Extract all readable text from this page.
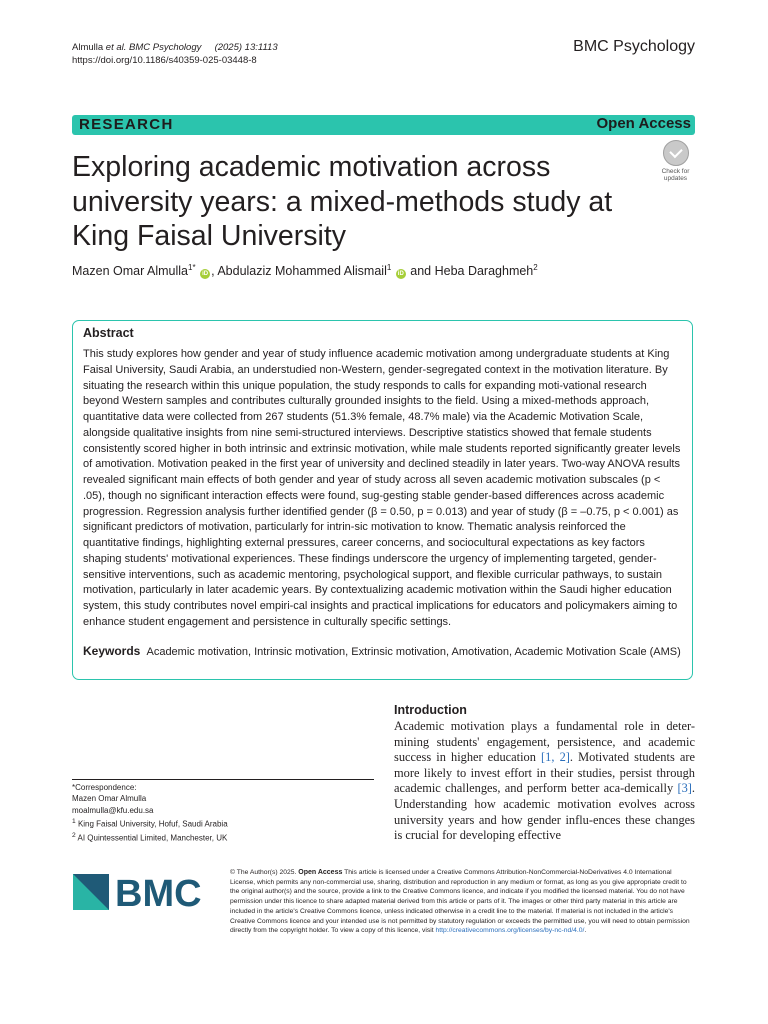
Almulla et al. BMC Psychology (2025) 13:1113
https://doi.org/10.1186/s40359-025-03448-8
BMC Psychology
RESEARCH	Open Access
Exploring academic motivation across university years: a mixed-methods study at King Faisal University
Check for
updates
Mazen Omar Almulla$^{1*}$ iD , Abdulaziz Mohammed Alismail$^1$ iD and Heba Daraghmeh$^2$
Abstract

This study explores how gender and year of study influence academic motivation among undergraduate students at King Faisal University, Saudi Arabia, an understudied non-Western, gender-segregated context in the motivation literature. By situating the research within this unique population, the study responds to calls for expanding moti-vational research beyond Western samples and contributes culturally grounded insights to the field. Using a mixed-methods approach, quantitative data were collected from 267 students (51.3% female, 48.7% male) via the Academic Motivation Scale, alongside qualitative insights from nine semi-structured interviews. Descriptive statistics showed that female students consistently scored higher in both intrinsic and extrinsic motivation, while male students reported significantly greater levels of amotivation. Motivation peaked in the first year of university and declined steadily in later years. Two-way ANOVA results revealed significant main effects of both gender and year of study across all seven academic motivation subscales (p < .05), though no significant interaction effects were found, sug-gesting stable gender-based differences across academic progression. Regression analysis further identified gender (β = 0.50, p = 0.013) and year of study (β = –0.75, p < 0.001) as significant predictors of motivation, particularly for intrin-sic motivation to know. Thematic analysis reinforced the quantitative findings, highlighting external pressures, career concerns, and sociocultural expectations as key factors shaping students' motivational experiences. These findings underscore the urgency of implementing targeted, gender-sensitive interventions, such as academic mentoring, psychological support, and flexible curricular pathways, to sustain motivation, particularly in later academic years. By contextualizing academic motivation within the Saudi higher education system, this study contributes novel empiri-cal insights and practical implications for educators and policymakers aiming to enhance student engagement and persistence in culturally specific settings.

Keywords Academic motivation, Intrinsic motivation, Extrinsic motivation, Amotivation, Academic Motivation Scale (AMS)
Introduction
Academic motivation plays a fundamental role in deter-mining students' engagement, persistence, and academic success in higher education [1, 2]. Motivated students are more likely to invest effort in their studies, persist through academic challenges, and perform better aca-demically [3]. Understanding how academic motivation evolves across university years and how gender influ-ences these changes is crucial for developing effective
*Correspondence:
Mazen Omar Almulla
moalmulla@kfu.edu.sa
$^1$ King Faisal University, Hofuf, Saudi Arabia
$^2$ AI Quintessential Limited, Manchester, UK
BMC
© The Author(s) 2025. Open Access This article is licensed under a Creative Commons Attribution-NonCommercial-NoDerivatives 4.0 International License, which permits any non-commercial use, sharing, distribution and reproduction in any medium or format, as long as you give appropriate credit to the original author(s) and the source, provide a link to the Creative Commons licence, and indicate if you modified the licensed material. You do not have permission under this licence to share adapted material derived from this article or parts of it. The images or other third party material in this article are included in the article's Creative Commons licence, unless indicated otherwise in a credit line to the material. If material is not included in the article's Creative Commons licence and your intended use is not permitted by statutory regulation or exceeds the permitted use, you will need to obtain permission directly from the copyright holder. To view a copy of this licence, visit http://creativecommons.org/licenses/by-nc-nd/4.0/.
